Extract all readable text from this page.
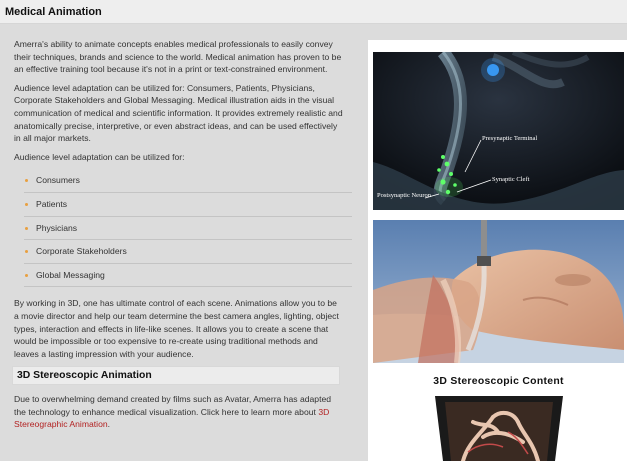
Medical Animation

Amerra's ability to animate concepts enables medical professionals to easily convey their techniques, brands and science to the world. Medical animation has proven to be an effective training tool because it's not in a print or text-constrained environment.

Audience level adaptation can be utilized for: Consumers, Patients, Physicians, Corporate Stakeholders and Global Messaging. Medical illustration aids in the visual communication of medical and scientific information. It provides extremely realistic and anatomically precise, interpretive, or even abstract ideas, and can be used effectively in all major markets.

Audience level adaptation can be utilized for:

Consumers
Patients
Physicians
Corporate Stakeholders
Global Messaging

By working in 3D, one has ultimate control of each scene. Animations allow you to be a movie director and help our team determine the best camera angles, lighting, object types, interaction and effects in life-like scenes. It allows you to create a scene that would be impossible or too expensive to re-create using traditional methods and leaves a lasting impression with your audience.

3D Stereoscopic Animation

Due to overwhelming demand created by films such as Avatar, Amerra has adapted the technology to enhance medical visualization. Click here to learn more about 3D Stereographic Animation.

Presynaptic Terminal
Synaptic Cleft
Postsynaptic Neuron
3D Stereoscopic Content
